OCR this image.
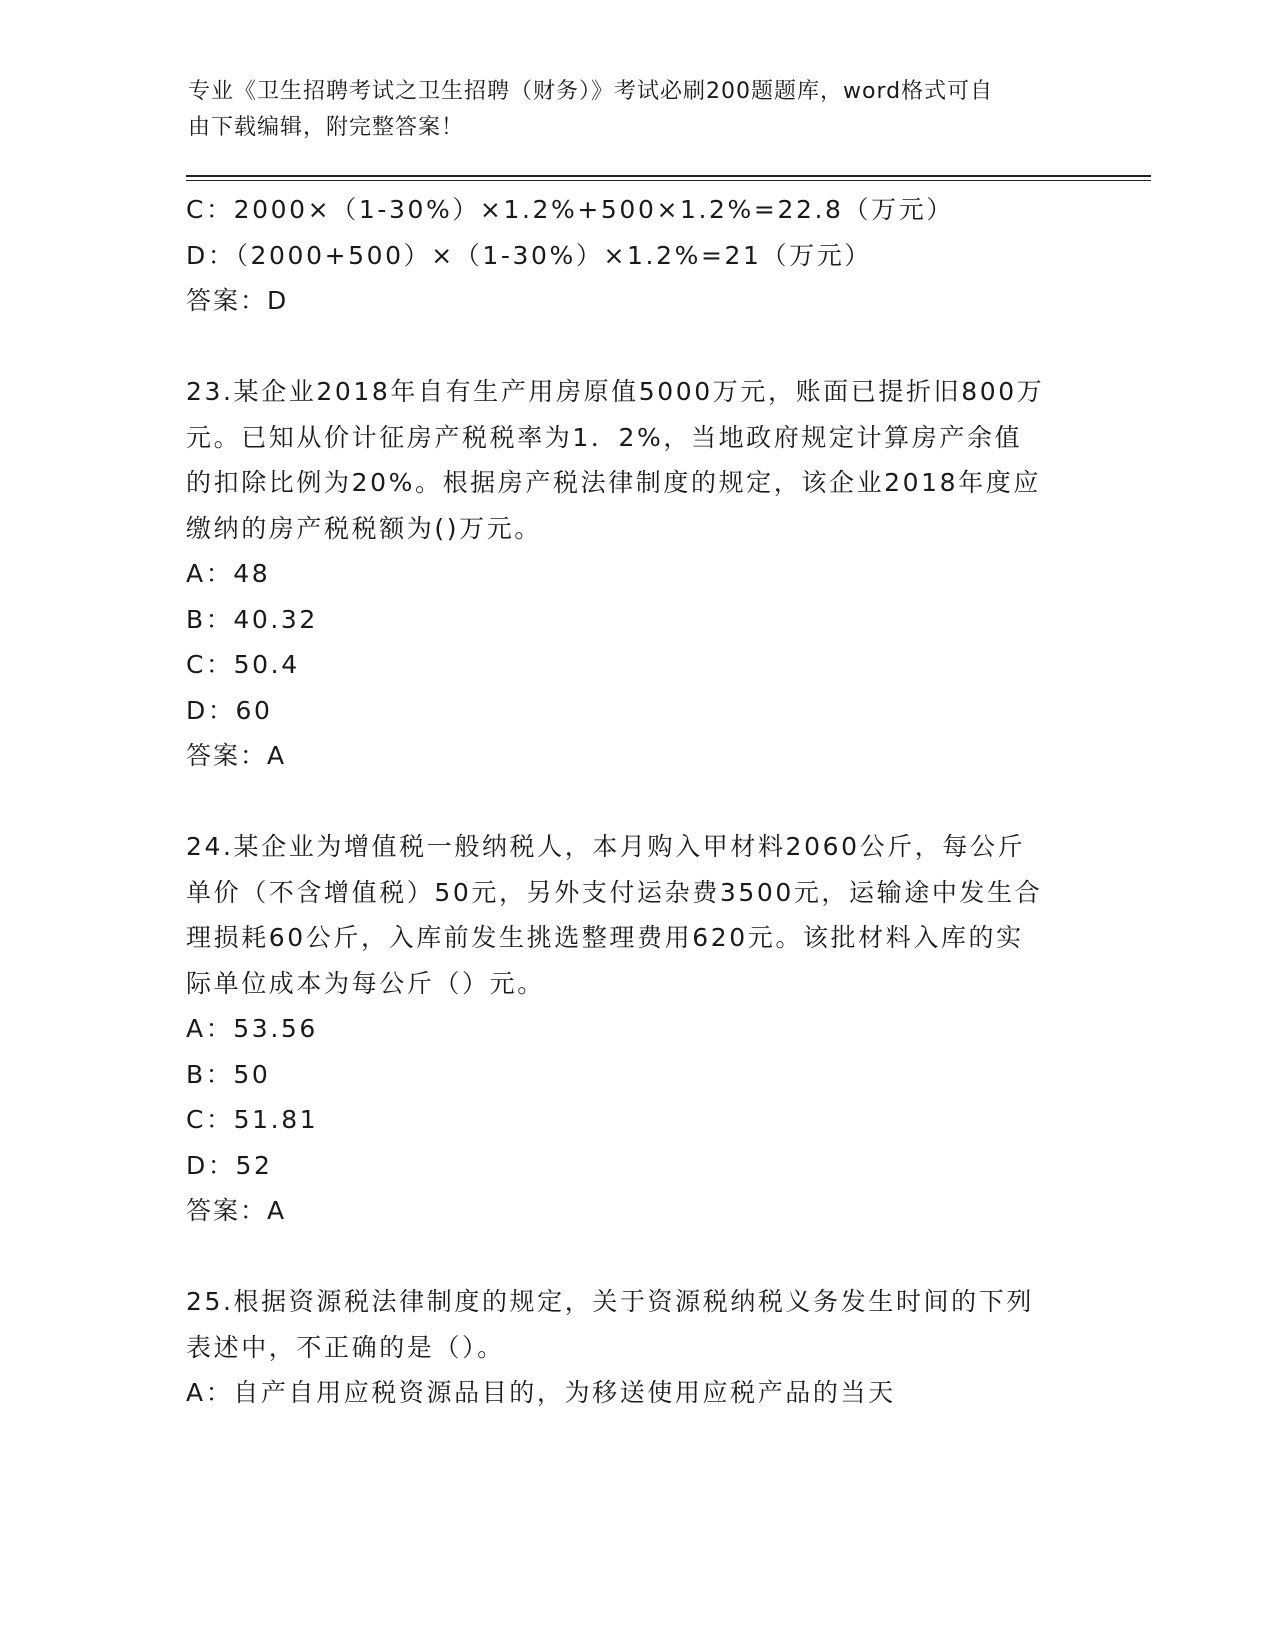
专业《卫生招聘考试之卫生招聘（财务）》考试必刷200题题库，word格式可自
由下载编辑，附完整答案！
C：2000×（1-30%）×1.2%+500×1.2%=22.8（万元）
D：（2000+500）×（1-30%）×1.2%=21（万元）
答案：D
23.某企业2018年自有生产用房原值5000万元，账面已提折旧800万
元。已知从价计征房产税税率为1．2%，当地政府规定计算房产余值
的扣除比例为20%。根据房产税法律制度的规定，该企业2018年度应
缴纳的房产税税额为()万元。
A：48
B：40.32
C：50.4
D：60
答案：A
24.某企业为增值税一般纳税人，本月购入甲材料2060公斤，每公斤
单价（不含增值税）50元，另外支付运杂费3500元，运输途中发生合
理损耗60公斤，入库前发生挑选整理费用620元。该批材料入库的实
际单位成本为每公斤（）元。
A：53.56
B：50
C：51.81
D：52
答案：A
25.根据资源税法律制度的规定，关于资源税纳税义务发生时间的下列
表述中，不正确的是（）。
A：自产自用应税资源品目的，为移送使用应税产品的当天
